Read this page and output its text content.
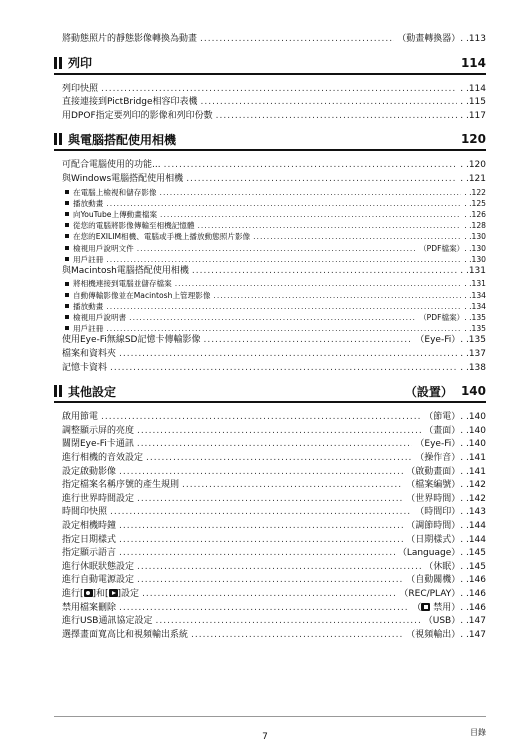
將動態照片的靜態影像轉換為動畫 .....	（動畫轉換器）. .113
列印	114
列印快照 .....	. .114
直接連接到PictBridge相容印表機 .....	. .115
用DPOF指定要列印的影像和列印份數 .....	. .117
與電腦搭配使用相機	120
可配合電腦使用的功能... .....	. .120
與Windows電腦搭配使用相機 .....	. .121
在電腦上檢視和儲存影像 .....	. .122
播放動畫 .....	. .125
向YouTube上傳動畫檔案 .....	. .126
從您的電腦將影像傳輸至相機記憶體 .....	. .128
在您的EXILIM相機、電腦或手機上播放動態照片影像 .....	. .130
檢視用戶說明文件 .....	（PDF檔案）. .130
用戶註冊 .....	. .130
與Macintosh電腦搭配使用相機 .....	. .131
將相機連接到電腦並儲存檔案 .....	. .131
自動傳輸影像並在Macintosh上管理影像 .....	. .134
播放動畫 .....	. .134
檢視用戶說明書 .....	（PDF檔案）. .135
用戶註冊 .....	. .135
使用Eye-Fi無線SD記憶卡傳輸影像 .....	（Eye-Fi）. .135
檔案和資料夾 .....	. .137
記憶卡資料 .....	. .138
其他設定	（設置） 140
啟用節電 .....	（節電）. .140
調整顯示屏的亮度 .....	（畫面）. .140
關閉Eye-Fi卡通訊 .....	（Eye-Fi）. .140
進行相機的音效設定 .....	（操作音）. .141
設定啟動影像 .....	（啟動畫面）. .141
指定檔案名稱序號的產生規則 .....	（檔案編號）. .142
進行世界時間設定 .....	（世界時間）. .142
時間印快照 .....	（時間印）. .143
設定相機時鐘 .....	（調節時間）. .144
指定日期樣式 .....	（日期樣式）. .144
指定顯示語言 .....	（Language）. .145
進行休眠狀態設定 .....	（休眠）. .145
進行自動電源設定 .....	（自動關機）. .146
進行[ ]和[ ]設定 .....	（REC/PLAY）. .146
禁用檔案刪除 .....	（ 禁用）. .146
進行USB通訊協定設定 .....	（USB）. .147
選擇畫面寬高比和視頻輸出系統 .....	（視頻輸出）. .147
7	目錄
